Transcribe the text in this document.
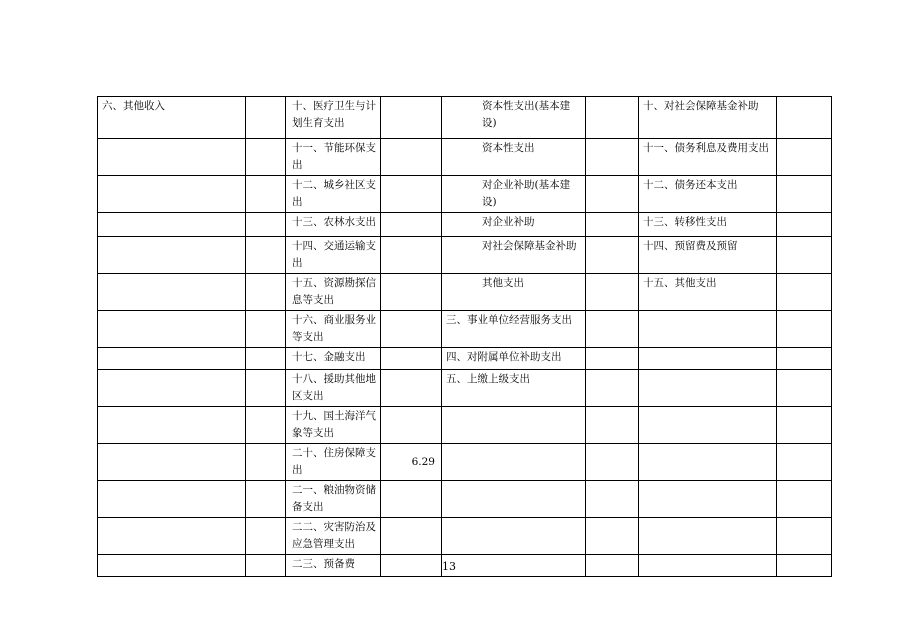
六、其他收入		十、医疗卫生与计划生育支出		资本性支出(基本建设)		十、对社会保障基金补助	
		十一、节能环保支出		资本性支出		十一、债务利息及费用支出	
		十二、城乡社区支出		对企业补助(基本建设)		十二、债务还本支出	
		十三、农林水支出		对企业补助		十三、转移性支出	
		十四、交通运输支出		对社会保障基金补助		十四、预留费及预留	
		十五、资源勘探信息等支出		其他支出		十五、其他支出	
		十六、商业服务业等支出		三、事业单位经营服务支出			
		十七、金融支出		四、对附属单位补助支出			
		十八、援助其他地区支出		五、上缴上级支出			
		十九、国土海洋气象等支出					
		二十、住房保障支出	6.29				
		二一、粮油物资储备支出					
		二二、灾害防治及应急管理支出					
		二三、预备费						13
